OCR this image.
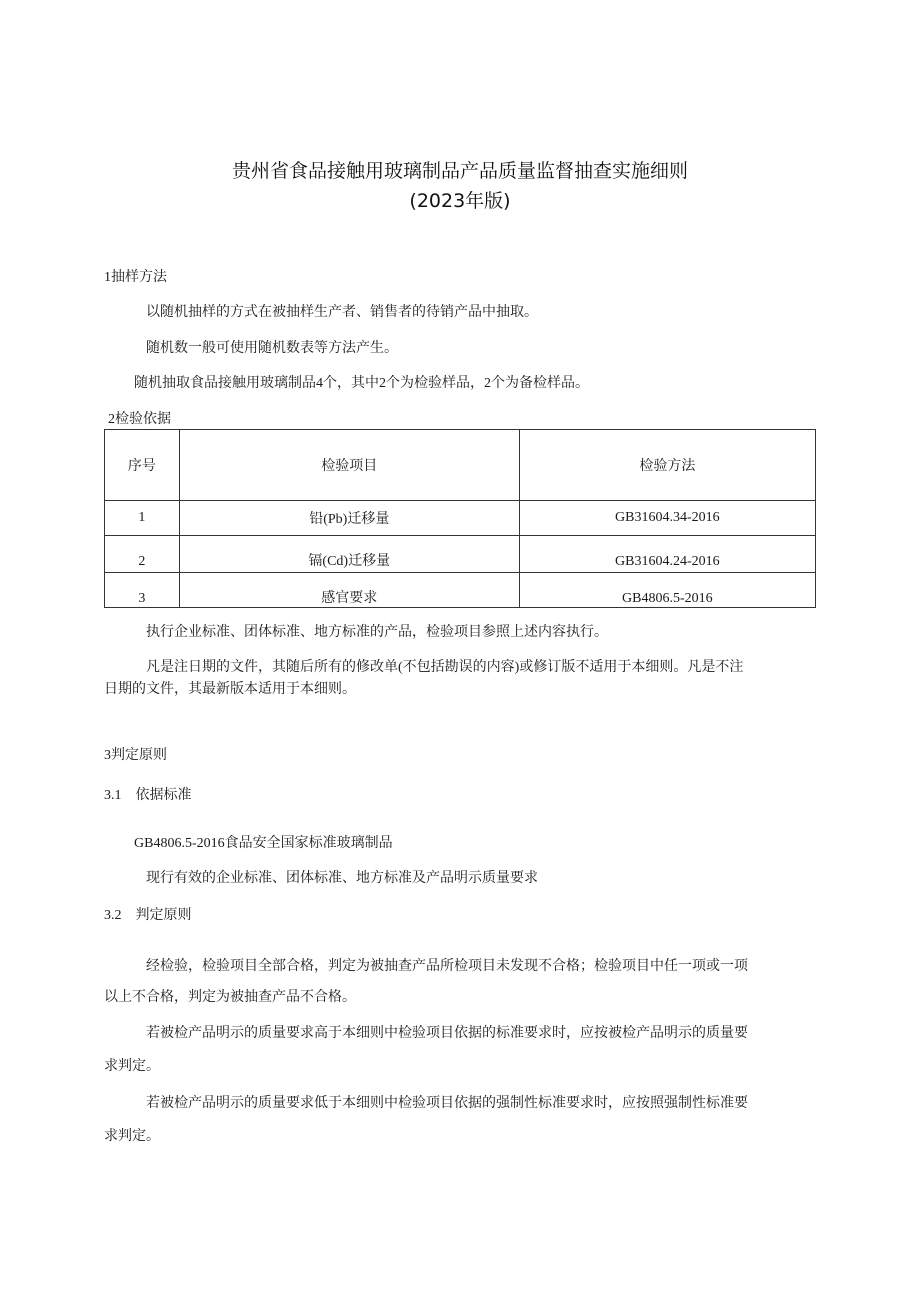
贵州省食品接触用玻璃制品产品质量监督抽查实施细则
(2023年版)
1抽样方法
以随机抽样的方式在被抽样生产者、销售者的待销产品中抽取。
随机数一般可使用随机数表等方法产生。
随机抽取食品接触用玻璃制品4个，其中2个为检验样品，2个为备检样品。
2检验依据
序号	检验项目	检验方法
1	铅(Pb)迁移量	GB31604.34-2016
2	镉(Cd)迁移量	GB31604.24-2016
3	感官要求	GB4806.5-2016
执行企业标准、团体标准、地方标准的产品，检验项目参照上述内容执行。
凡是注日期的文件，其随后所有的修改单(不包括勘误的内容)或修订版不适用于本细则。凡是不注
日期的文件，其最新版本适用于本细则。
3判定原则
3.1　依据标准
GB4806.5-2016食品安全国家标准玻璃制品
现行有效的企业标准、团体标准、地方标准及产品明示质量要求
3.2　判定原则
经检验，检验项目全部合格，判定为被抽查产品所检项目未发现不合格；检验项目中任一项或一项
以上不合格，判定为被抽查产品不合格。
若被检产品明示的质量要求高于本细则中检验项目依据的标准要求时，应按被检产品明示的质量要
求判定。
若被检产品明示的质量要求低于本细则中检验项目依据的强制性标准要求时，应按照强制性标准要
求判定。
